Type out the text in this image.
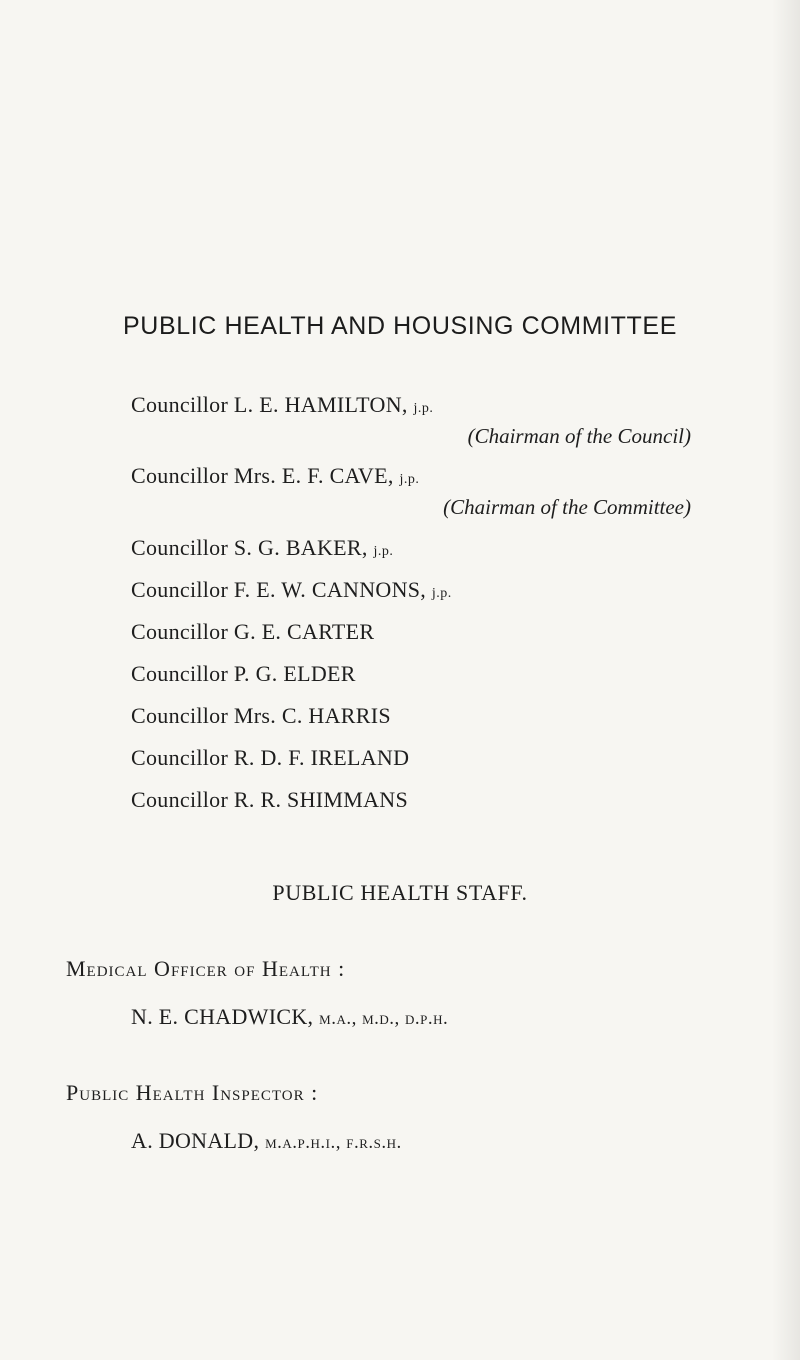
PUBLIC HEALTH AND HOUSING COMMITTEE
Councillor L. E. HAMILTON, j.p.
(Chairman of the Council)
Councillor Mrs. E. F. CAVE, j.p.
(Chairman of the Committee)
Councillor S. G. BAKER, j.p.
Councillor F. E. W. CANNONS, j.p.
Councillor G. E. CARTER
Councillor P. G. ELDER
Councillor Mrs. C. HARRIS
Councillor R. D. F. IRELAND
Councillor R. R. SHIMMANS
PUBLIC HEALTH STAFF.
Medical Officer of Health :
N. E. CHADWICK, m.a., m.d., d.p.h.
Public Health Inspector :
A. DONALD, m.a.p.h.i., f.r.s.h.
